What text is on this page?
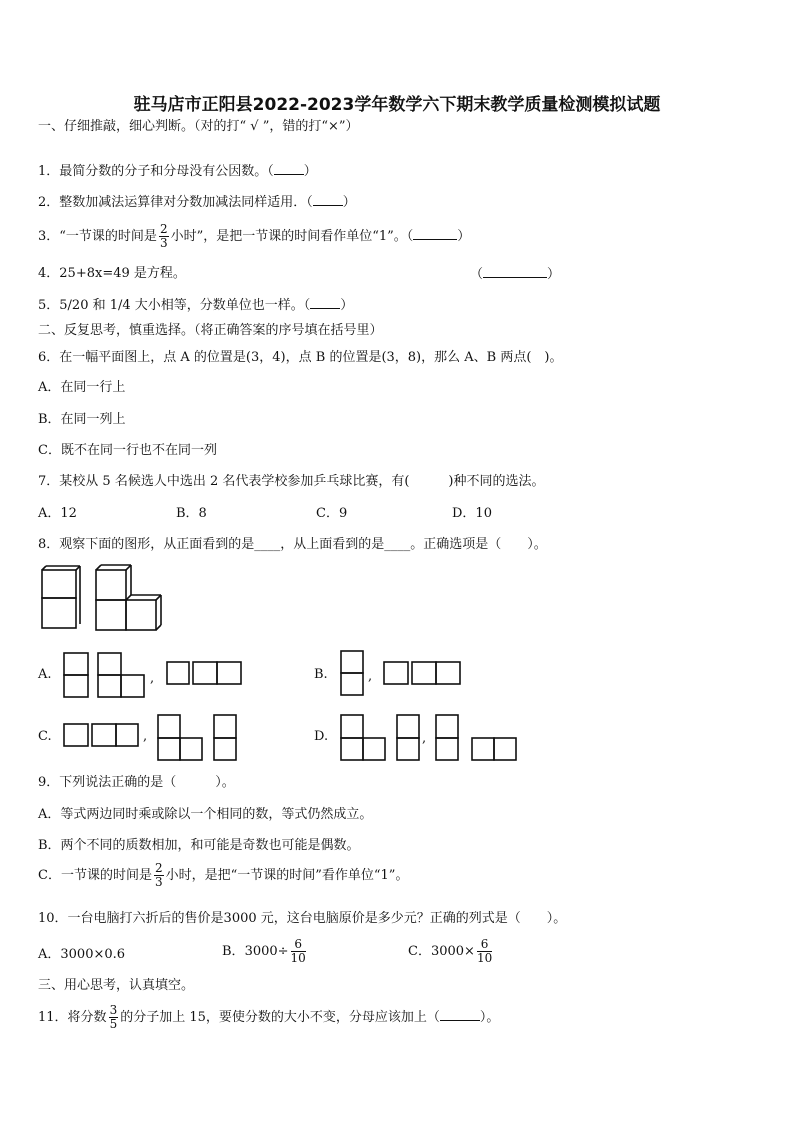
驻马店市正阳县2022-2023学年数学六下期末教学质量检测模拟试题
一、仔细推敲，细心判断。（对的打“ √ ”，错的打“×”）
1．最简分数的分子和分母没有公因数。（ ）
2．整数加减法运算律对分数加减法同样适用．（ ）
3．“一节课的时间是 $\frac{2}{3}$ 小时”，是把一节课的时间看作单位“1”。（	）
4．25+8x=49 是方程。	（	）
5．5/20 和 1/4 大小相等，分数单位也一样。（ ）
二、反复思考，慎重选择。（将正确答案的序号填在括号里）
6．在一幅平面图上，点 A 的位置是(3，4)，点 B 的位置是(3，8)，那么 A、B 两点(　)。
A．在同一行上
B．在同一列上
C．既不在同一行也不在同一列
7．某校从 5 名候选人中选出 2 名代表学校参加乒乓球比赛，有(　　　)种不同的选法。
A．12	B．8	C．9	D．10
8．观察下面的图形，从正面看到的是____，从上面看到的是____。正确选项是（　　）。
A.	,	B.	,
C.	,	D.	,
9．下列说法正确的是（　　　）。
A．等式两边同时乘或除以一个相同的数，等式仍然成立。
B．两个不同的质数相加，和可能是奇数也可能是偶数。
C．一节课的时间是 $\frac{2}{3}$ 小时，是把“一节课的时间”看作单位“1”。
10．一台电脑打六折后的售价是3000 元，这台电脑原价是多少元？正确的列式是（　　）。
A．3000×0.6	B．$3000\div \frac{6}{10}$	C．$3000\times \frac{6}{10}$
三、用心思考，认真填空。
11．将分数 $\frac{3}{5}$ 的分子加上 15，要使分数的大小不变，分母应该加上（	）。
